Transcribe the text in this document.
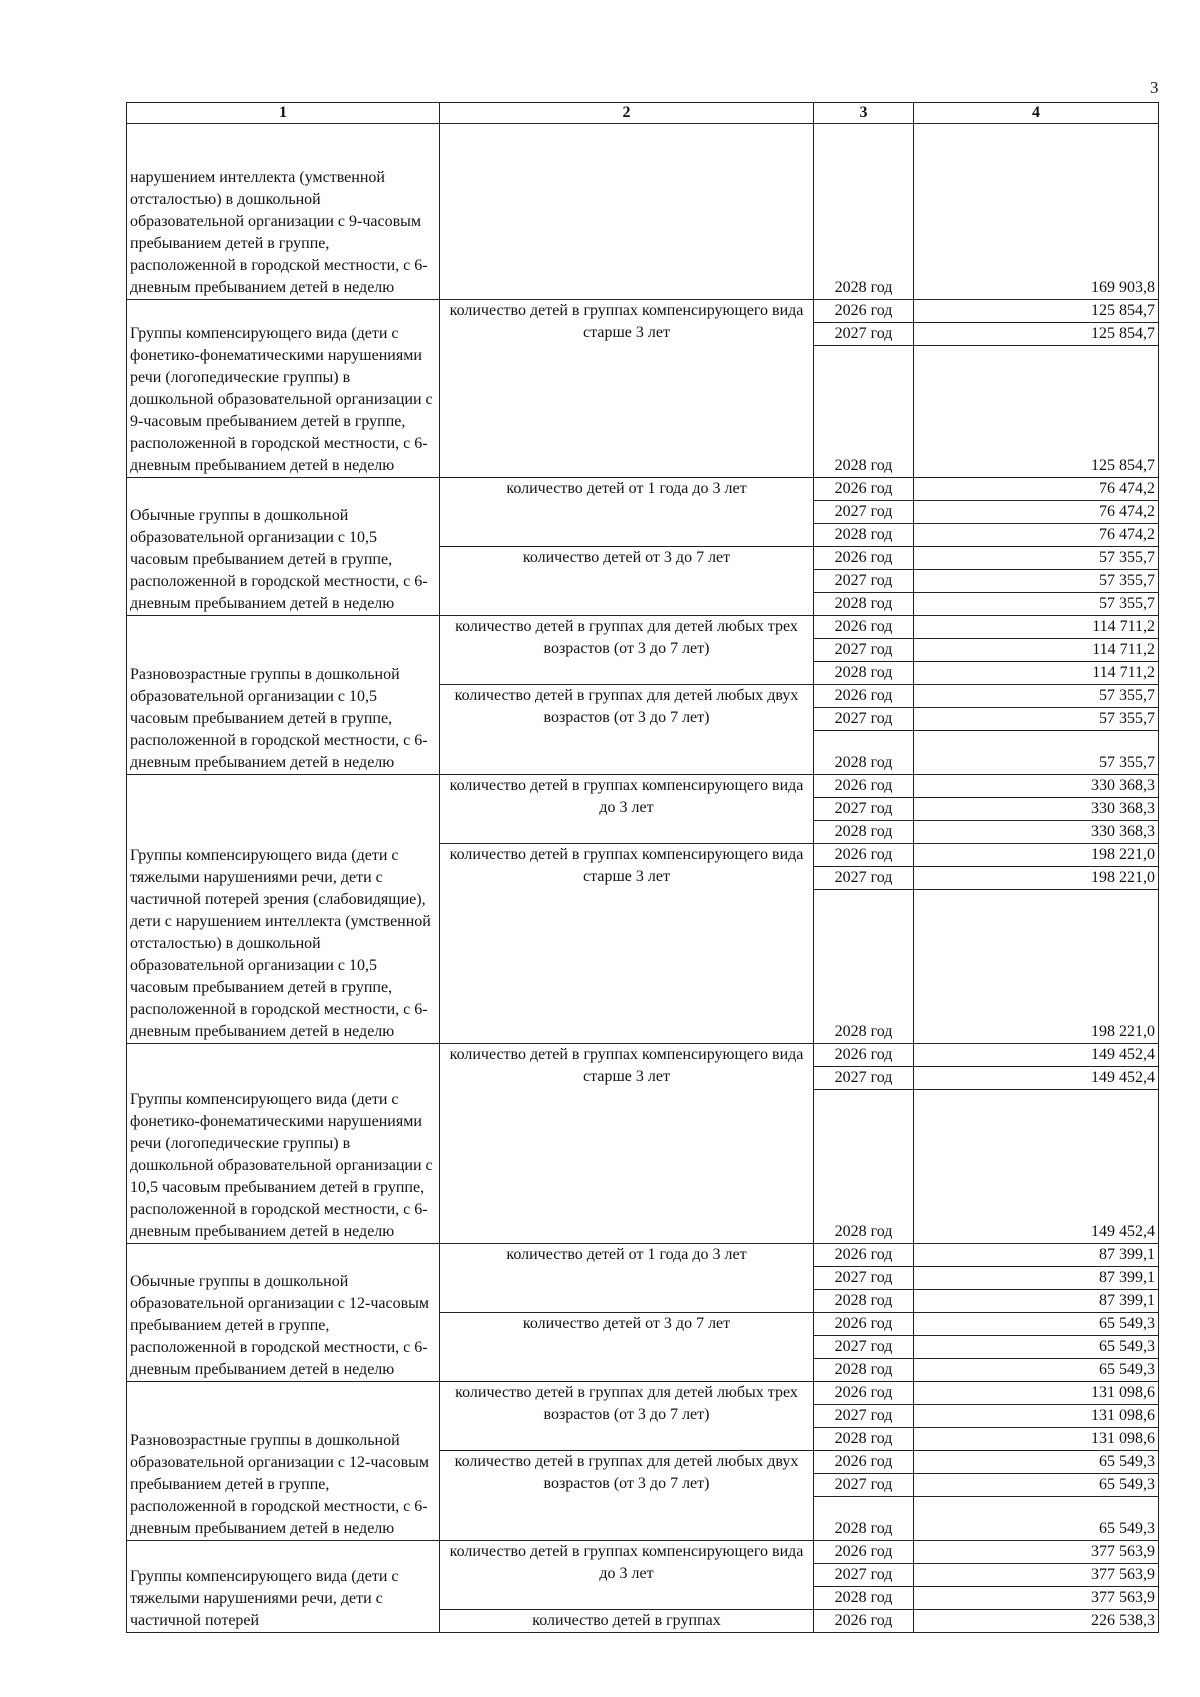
3
1	2	3	4
нарушением интеллекта (умственной отсталостью) в дошкольной образовательной организации с 9-часовым пребыванием детей в группе, расположенной в городской местности, с 6-дневным пребыванием детей в неделю		2028 год	169 903,8
Группы компенсирующего вида (дети с фонетико-фонематическими нарушениями речи (логопедические группы) в дошкольной образовательной организации с 9-часовым пребыванием детей в группе, расположенной в городской местности, с 6-дневным пребыванием детей в неделю	количество детей в группах компенсирующего вида старше 3 лет	2026 год	125 854,7
		2027 год	125 854,7
		2028 год	125 854,7
Обычные группы в дошкольной образовательной организации с 10,5 часовым пребыванием детей в группе, расположенной в городской местности, с 6-дневным пребыванием детей в неделю	количество детей от 1 года до 3 лет	2026 год	76 474,2
		2027 год	76 474,2
		2028 год	76 474,2
	количество детей от 3 до 7 лет	2026 год	57 355,7
		2027 год	57 355,7
		2028 год	57 355,7
Разновозрастные группы в дошкольной образовательной организации с 10,5 часовым пребыванием детей в группе, расположенной в городской местности, с 6-дневным пребыванием детей в неделю	количество детей в группах для детей любых трех возрастов (от 3 до 7 лет)	2026 год	114 711,2
		2027 год	114 711,2
		2028 год	114 711,2
	количество детей в группах для детей любых двух возрастов (от 3 до 7 лет)	2026 год	57 355,7
		2027 год	57 355,7
		2028 год	57 355,7
Группы компенсирующего вида (дети с тяжелыми нарушениями речи, дети с частичной потерей зрения (слабовидящие), дети с нарушением интеллекта (умственной отсталостью) в дошкольной образовательной организации с 10,5 часовым пребыванием детей в группе, расположенной в городской местности, с 6-дневным пребыванием детей в неделю	количество детей в группах компенсирующего вида до 3 лет	2026 год	330 368,3
		2027 год	330 368,3
		2028 год	330 368,3
	количество детей в группах компенсирующего вида старше 3 лет	2026 год	198 221,0
		2027 год	198 221,0
		2028 год	198 221,0
Группы компенсирующего вида (дети с фонетико-фонематическими нарушениями речи (логопедические группы) в дошкольной образовательной организации с 10,5 часовым пребыванием детей в группе, расположенной в городской местности, с 6-дневным пребыванием детей в неделю	количество детей в группах компенсирующего вида старше 3 лет	2026 год	149 452,4
		2027 год	149 452,4
		2028 год	149 452,4
Обычные группы в дошкольной образовательной организации с 12-часовым пребыванием детей в группе, расположенной в городской местности, с 6-дневным пребыванием детей в неделю	количество детей от 1 года до 3 лет	2026 год	87 399,1
		2027 год	87 399,1
		2028 год	87 399,1
	количество детей от 3 до 7 лет	2026 год	65 549,3
		2027 год	65 549,3
		2028 год	65 549,3
Разновозрастные группы в дошкольной образовательной организации с 12-часовым пребыванием детей в группе, расположенной в городской местности, с 6-дневным пребыванием детей в неделю	количество детей в группах для детей любых трех возрастов (от 3 до 7 лет)	2026 год	131 098,6
		2027 год	131 098,6
		2028 год	131 098,6
	количество детей в группах для детей любых двух возрастов (от 3 до 7 лет)	2026 год	65 549,3
		2027 год	65 549,3
		2028 год	65 549,3
Группы компенсирующего вида (дети с тяжелыми нарушениями речи, дети с частичной потерей	количество детей в группах компенсирующего вида до 3 лет	2026 год	377 563,9
		2027 год	377 563,9
		2028 год	377 563,9
	количество детей в группах	2026 год	226 538,3
